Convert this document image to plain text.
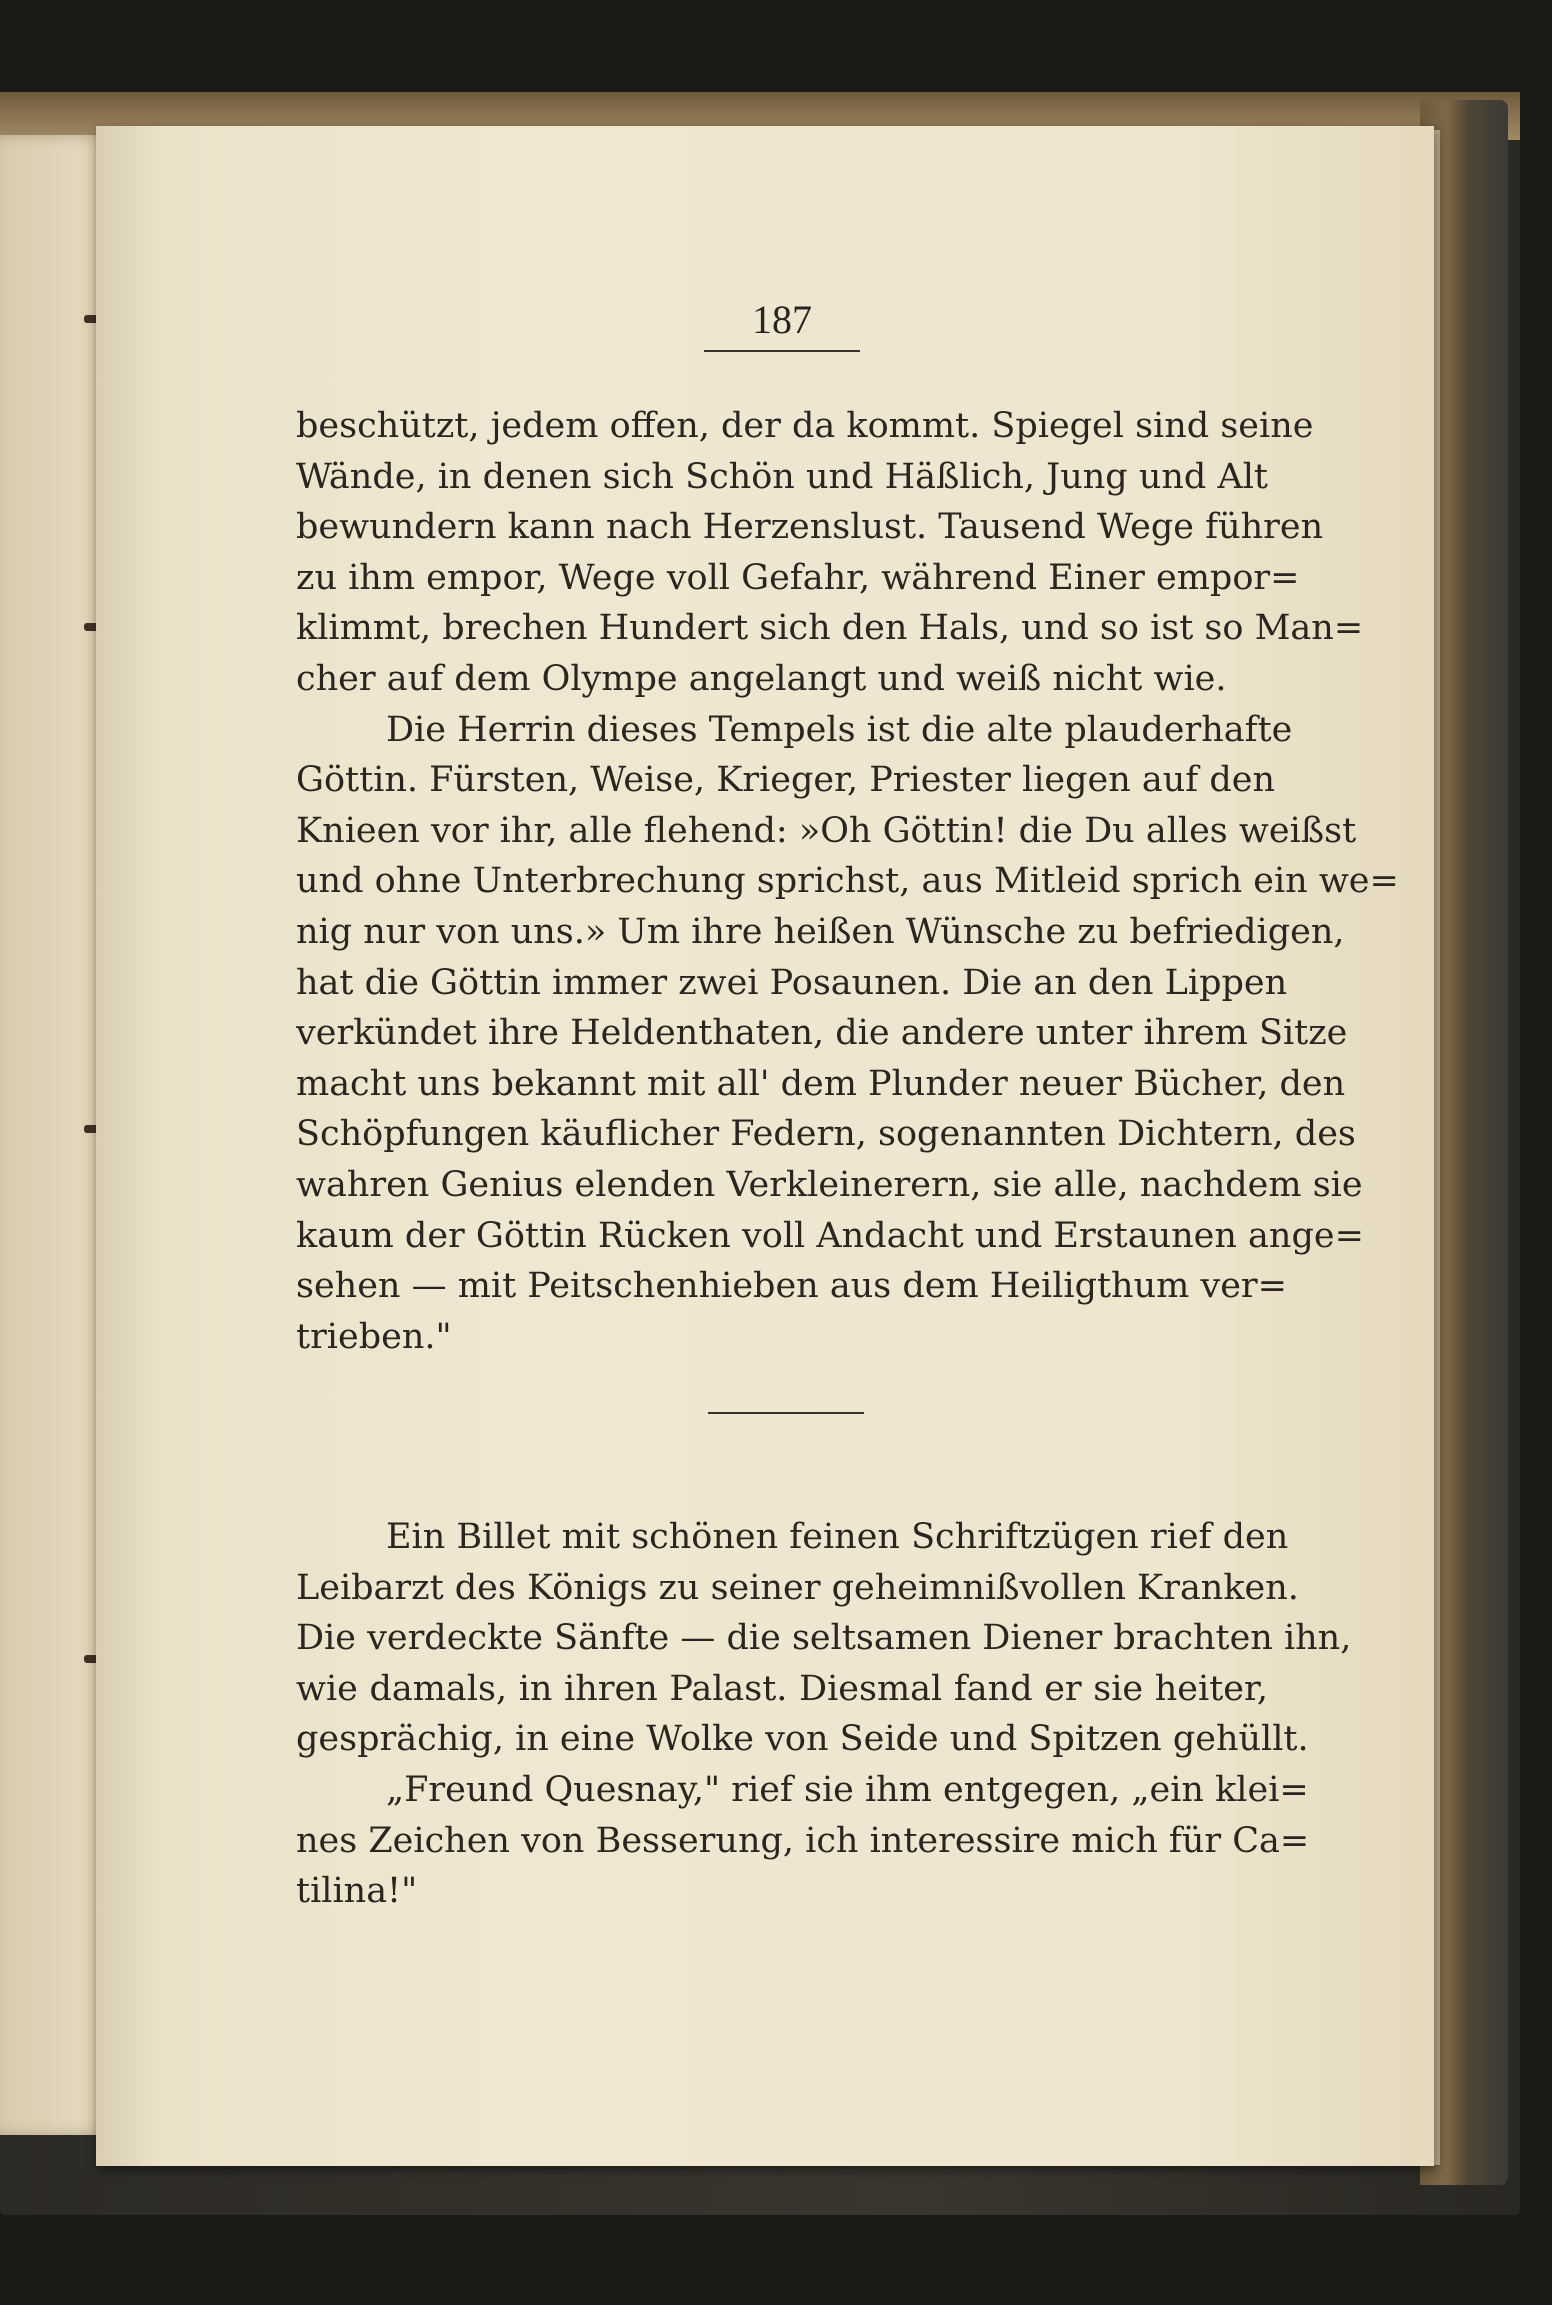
187
beschützt, jedem offen, der da kommt. Spiegel sind seine
Wände, in denen sich Schön und Häßlich, Jung und Alt
bewundern kann nach Herzenslust. Tausend Wege führen
zu ihm empor, Wege voll Gefahr, während Einer empor=
klimmt, brechen Hundert sich den Hals, und so ist so Man=
cher auf dem Olympe angelangt und weiß nicht wie.
Die Herrin dieses Tempels ist die alte plauderhafte
Göttin. Fürsten, Weise, Krieger, Priester liegen auf den
Knieen vor ihr, alle flehend: »Oh Göttin! die Du alles weißst
und ohne Unterbrechung sprichst, aus Mitleid sprich ein we=
nig nur von uns.» Um ihre heißen Wünsche zu befriedigen,
hat die Göttin immer zwei Posaunen. Die an den Lippen
verkündet ihre Heldenthaten, die andere unter ihrem Sitze
macht uns bekannt mit all' dem Plunder neuer Bücher, den
Schöpfungen käuflicher Federn, sogenannten Dichtern, des
wahren Genius elenden Verkleinerern, sie alle, nachdem sie
kaum der Göttin Rücken voll Andacht und Erstaunen ange=
sehen — mit Peitschenhieben aus dem Heiligthum ver=
trieben."
Ein Billet mit schönen feinen Schriftzügen rief den
Leibarzt des Königs zu seiner geheimnißvollen Kranken.
Die verdeckte Sänfte — die seltsamen Diener brachten ihn,
wie damals, in ihren Palast. Diesmal fand er sie heiter,
gesprächig, in eine Wolke von Seide und Spitzen gehüllt.
„Freund Quesnay," rief sie ihm entgegen, „ein klei=
nes Zeichen von Besserung, ich interessire mich für Ca=
tilina!"
